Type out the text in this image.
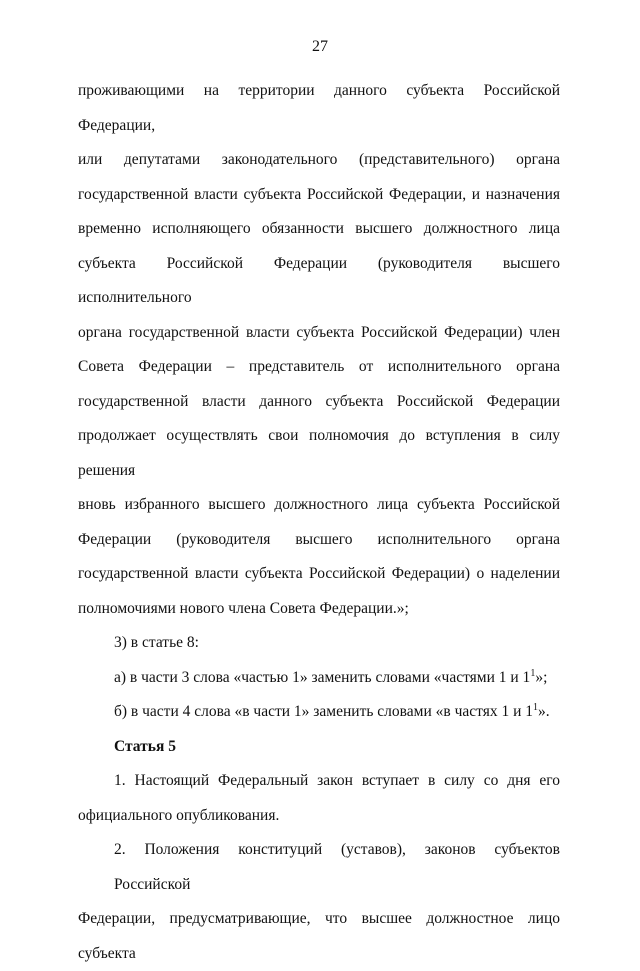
27
проживающими на территории данного субъекта Российской Федерации,
или депутатами законодательного (представительного) органа
государственной власти субъекта Российской Федерации, и назначения
временно исполняющего обязанности высшего должностного лица
субъекта Российской Федерации (руководителя высшего исполнительного
органа государственной власти субъекта Российской Федерации) член
Совета Федерации – представитель от исполнительного органа
государственной власти данного субъекта Российской Федерации
продолжает осуществлять свои полномочия до вступления в силу решения
вновь избранного высшего должностного лица субъекта Российской
Федерации (руководителя высшего исполнительного органа
государственной власти субъекта Российской Федерации) о наделении
полномочиями нового члена Совета Федерации.»;
3) в статье 8:
а) в части 3 слова «частью 1» заменить словами «частями 1 и $1^1$»;
б) в части 4 слова «в части 1» заменить словами «в частях 1 и $1^1$».
Статья 5
1. Настоящий Федеральный закон вступает в силу со дня его
официального опубликования.
2. Положения конституций (уставов), законов субъектов Российской
Федерации, предусматривающие, что высшее должностное лицо субъекта
